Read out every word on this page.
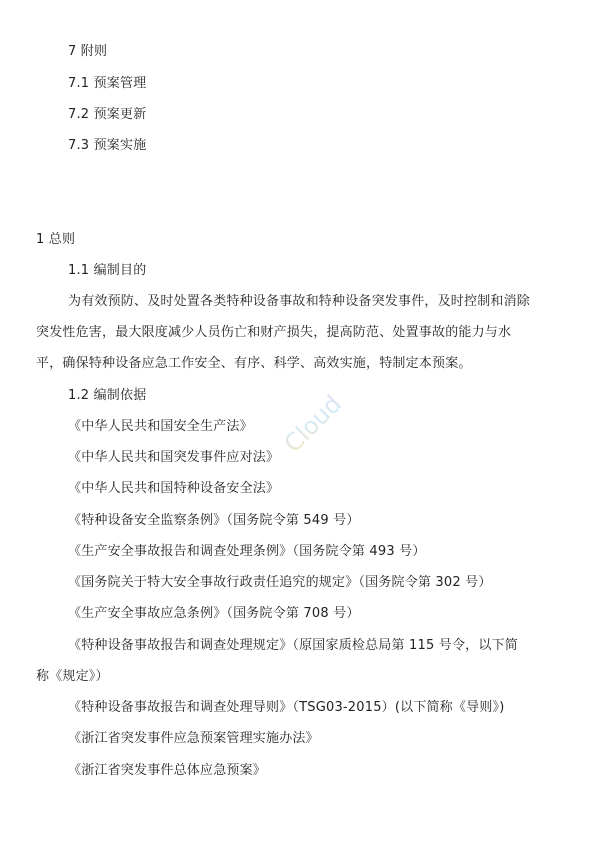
7 附则
7.1 预案管理
7.2 预案更新
7.3 预案实施
1 总则
1.1 编制目的
为有效预防、及时处置各类特种设备事故和特种设备突发事件，及时控制和消除
突发性危害，最大限度减少人员伤亡和财产损失，提高防范、处置事故的能力与水
平，确保特种设备应急工作安全、有序、科学、高效实施，特制定本预案。
1.2 编制依据
《中华人民共和国安全生产法》
《中华人民共和国突发事件应对法》
《中华人民共和国特种设备安全法》
《特种设备安全监察条例》（国务院令第 549 号）
《生产安全事故报告和调查处理条例》（国务院令第 493 号）
《国务院关于特大安全事故行政责任追究的规定》（国务院令第 302 号）
《生产安全事故应急条例》（国务院令第 708 号）
《特种设备事故报告和调查处理规定》（原国家质检总局第 115 号令，以下简
称《规定》）
《特种设备事故报告和调查处理导则》（TSG03-2015）(以下简称《导则》)
《浙江省突发事件应急预案管理实施办法》
《浙江省突发事件总体应急预案》
Cloud
